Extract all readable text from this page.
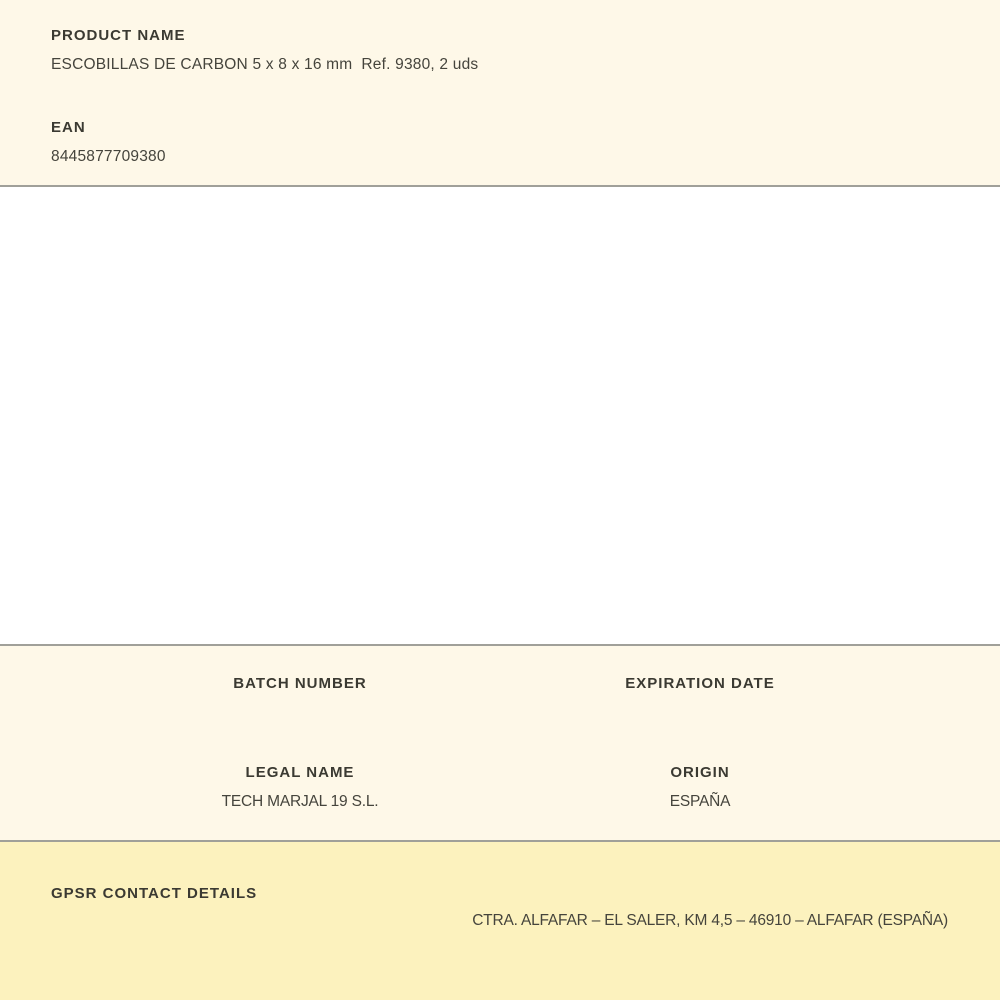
PRODUCT NAME
ESCOBILLAS DE CARBON 5 x 8 x 16 mm  Ref. 9380, 2 uds
EAN
8445877709380
BATCH NUMBER	EXPIRATION DATE
LEGAL NAME
TECH MARJAL 19 S.L.
ORIGIN
ESPAÑA
GPSR CONTACT DETAILS
CTRA. ALFAFAR – EL SALER, KM 4,5 – 46910 – ALFAFAR (ESPAÑA)
